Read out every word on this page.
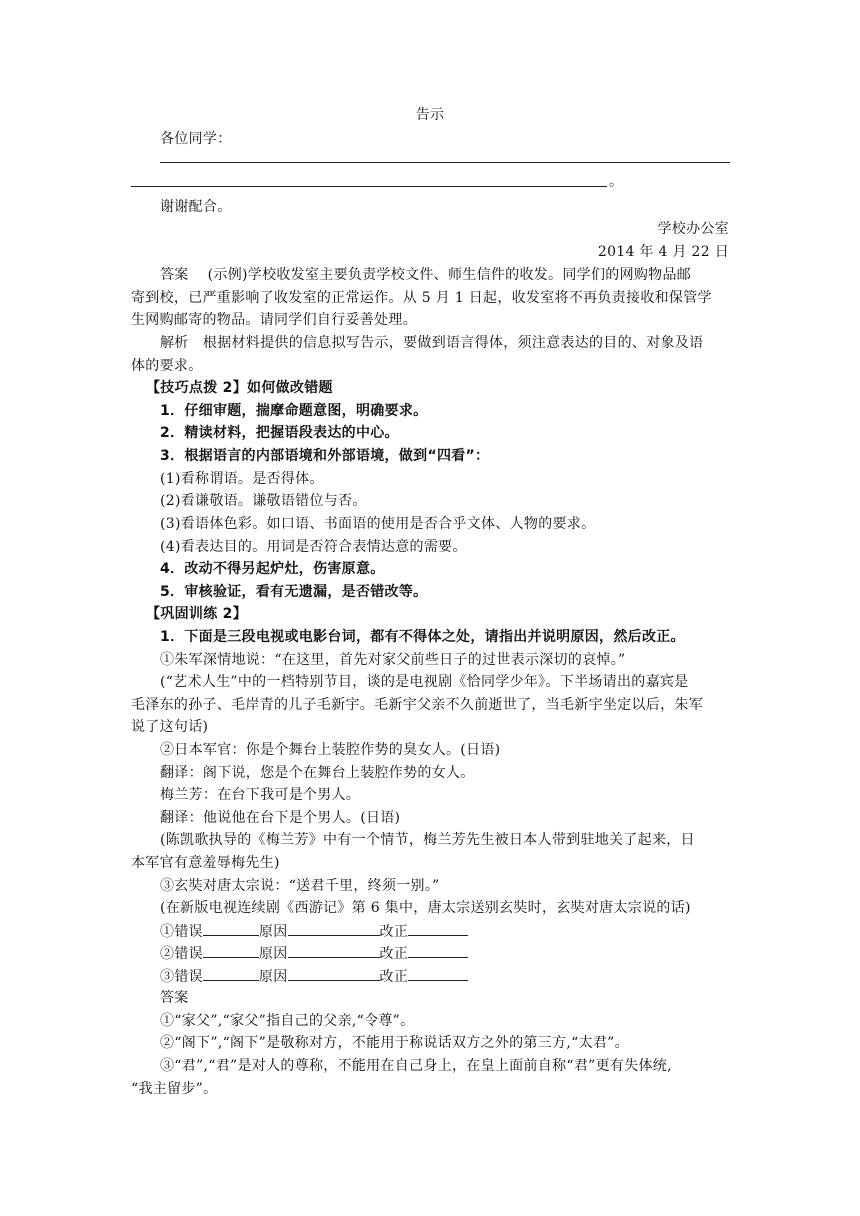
告示
各位同学：
。
谢谢配合。
学校办公室
2014 年 4 月 22 日
答案　 (示例)学校收发室主要负责学校文件、师生信件的收发。同学们的网购物品邮
寄到校，已严重影响了收发室的正常运作。从 5 月 1 日起，收发室将不再负责接收和保管学
生网购邮寄的物品。请同学们自行妥善处理。
解析　根据材料提供的信息拟写告示，要做到语言得体，须注意表达的目的、对象及语
体的要求。
【技巧点拨 2】如何做改错题
1．仔细审题，揣摩命题意图，明确要求。
2．精读材料，把握语段表达的中心。
3．根据语言的内部语境和外部语境，做到“四看”：
(1)看称谓语。是否得体。
(2)看谦敬语。谦敬语错位与否。
(3)看语体色彩。如口语、书面语的使用是否合乎文体、人物的要求。
(4)看表达目的。用词是否符合表情达意的需要。
4．改动不得另起炉灶，伤害原意。
5．审核验证，看有无遗漏，是否错改等。
【巩固训练 2】
1．下面是三段电视或电影台词，都有不得体之处，请指出并说明原因，然后改正。
①朱军深情地说：“在这里，首先对家父前些日子的过世表示深切的哀悼。”
(“艺术人生”中的一档特别节目，谈的是电视剧《恰同学少年》。下半场请出的嘉宾是
毛泽东的孙子、毛岸青的儿子毛新宇。毛新宇父亲不久前逝世了，当毛新宇坐定以后，朱军
说了这句话)
②日本军官：你是个舞台上装腔作势的臭女人。(日语)
翻译：阁下说，您是个在舞台上装腔作势的女人。
梅兰芳：在台下我可是个男人。
翻译：他说他在台下是个男人。(日语)
(陈凯歌执导的《梅兰芳》中有一个情节，梅兰芳先生被日本人带到驻地关了起来，日
本军官有意羞辱梅先生)
③玄奘对唐太宗说：“送君千里，终须一别。”
(在新版电视连续剧《西游记》第 6 集中，唐太宗送别玄奘时，玄奘对唐太宗说的话)
①错误	原因	改正
②错误	原因	改正
③错误	原因	改正
答案
①“家父”,“家父”指自己的父亲,“令尊”。
②“阁下”,“阁下”是敬称对方，不能用于称说话双方之外的第三方,“太君”。
③“君”,“君”是对人的尊称，不能用在自己身上，在皇上面前自称“君”更有失体统,
“我主留步”。
